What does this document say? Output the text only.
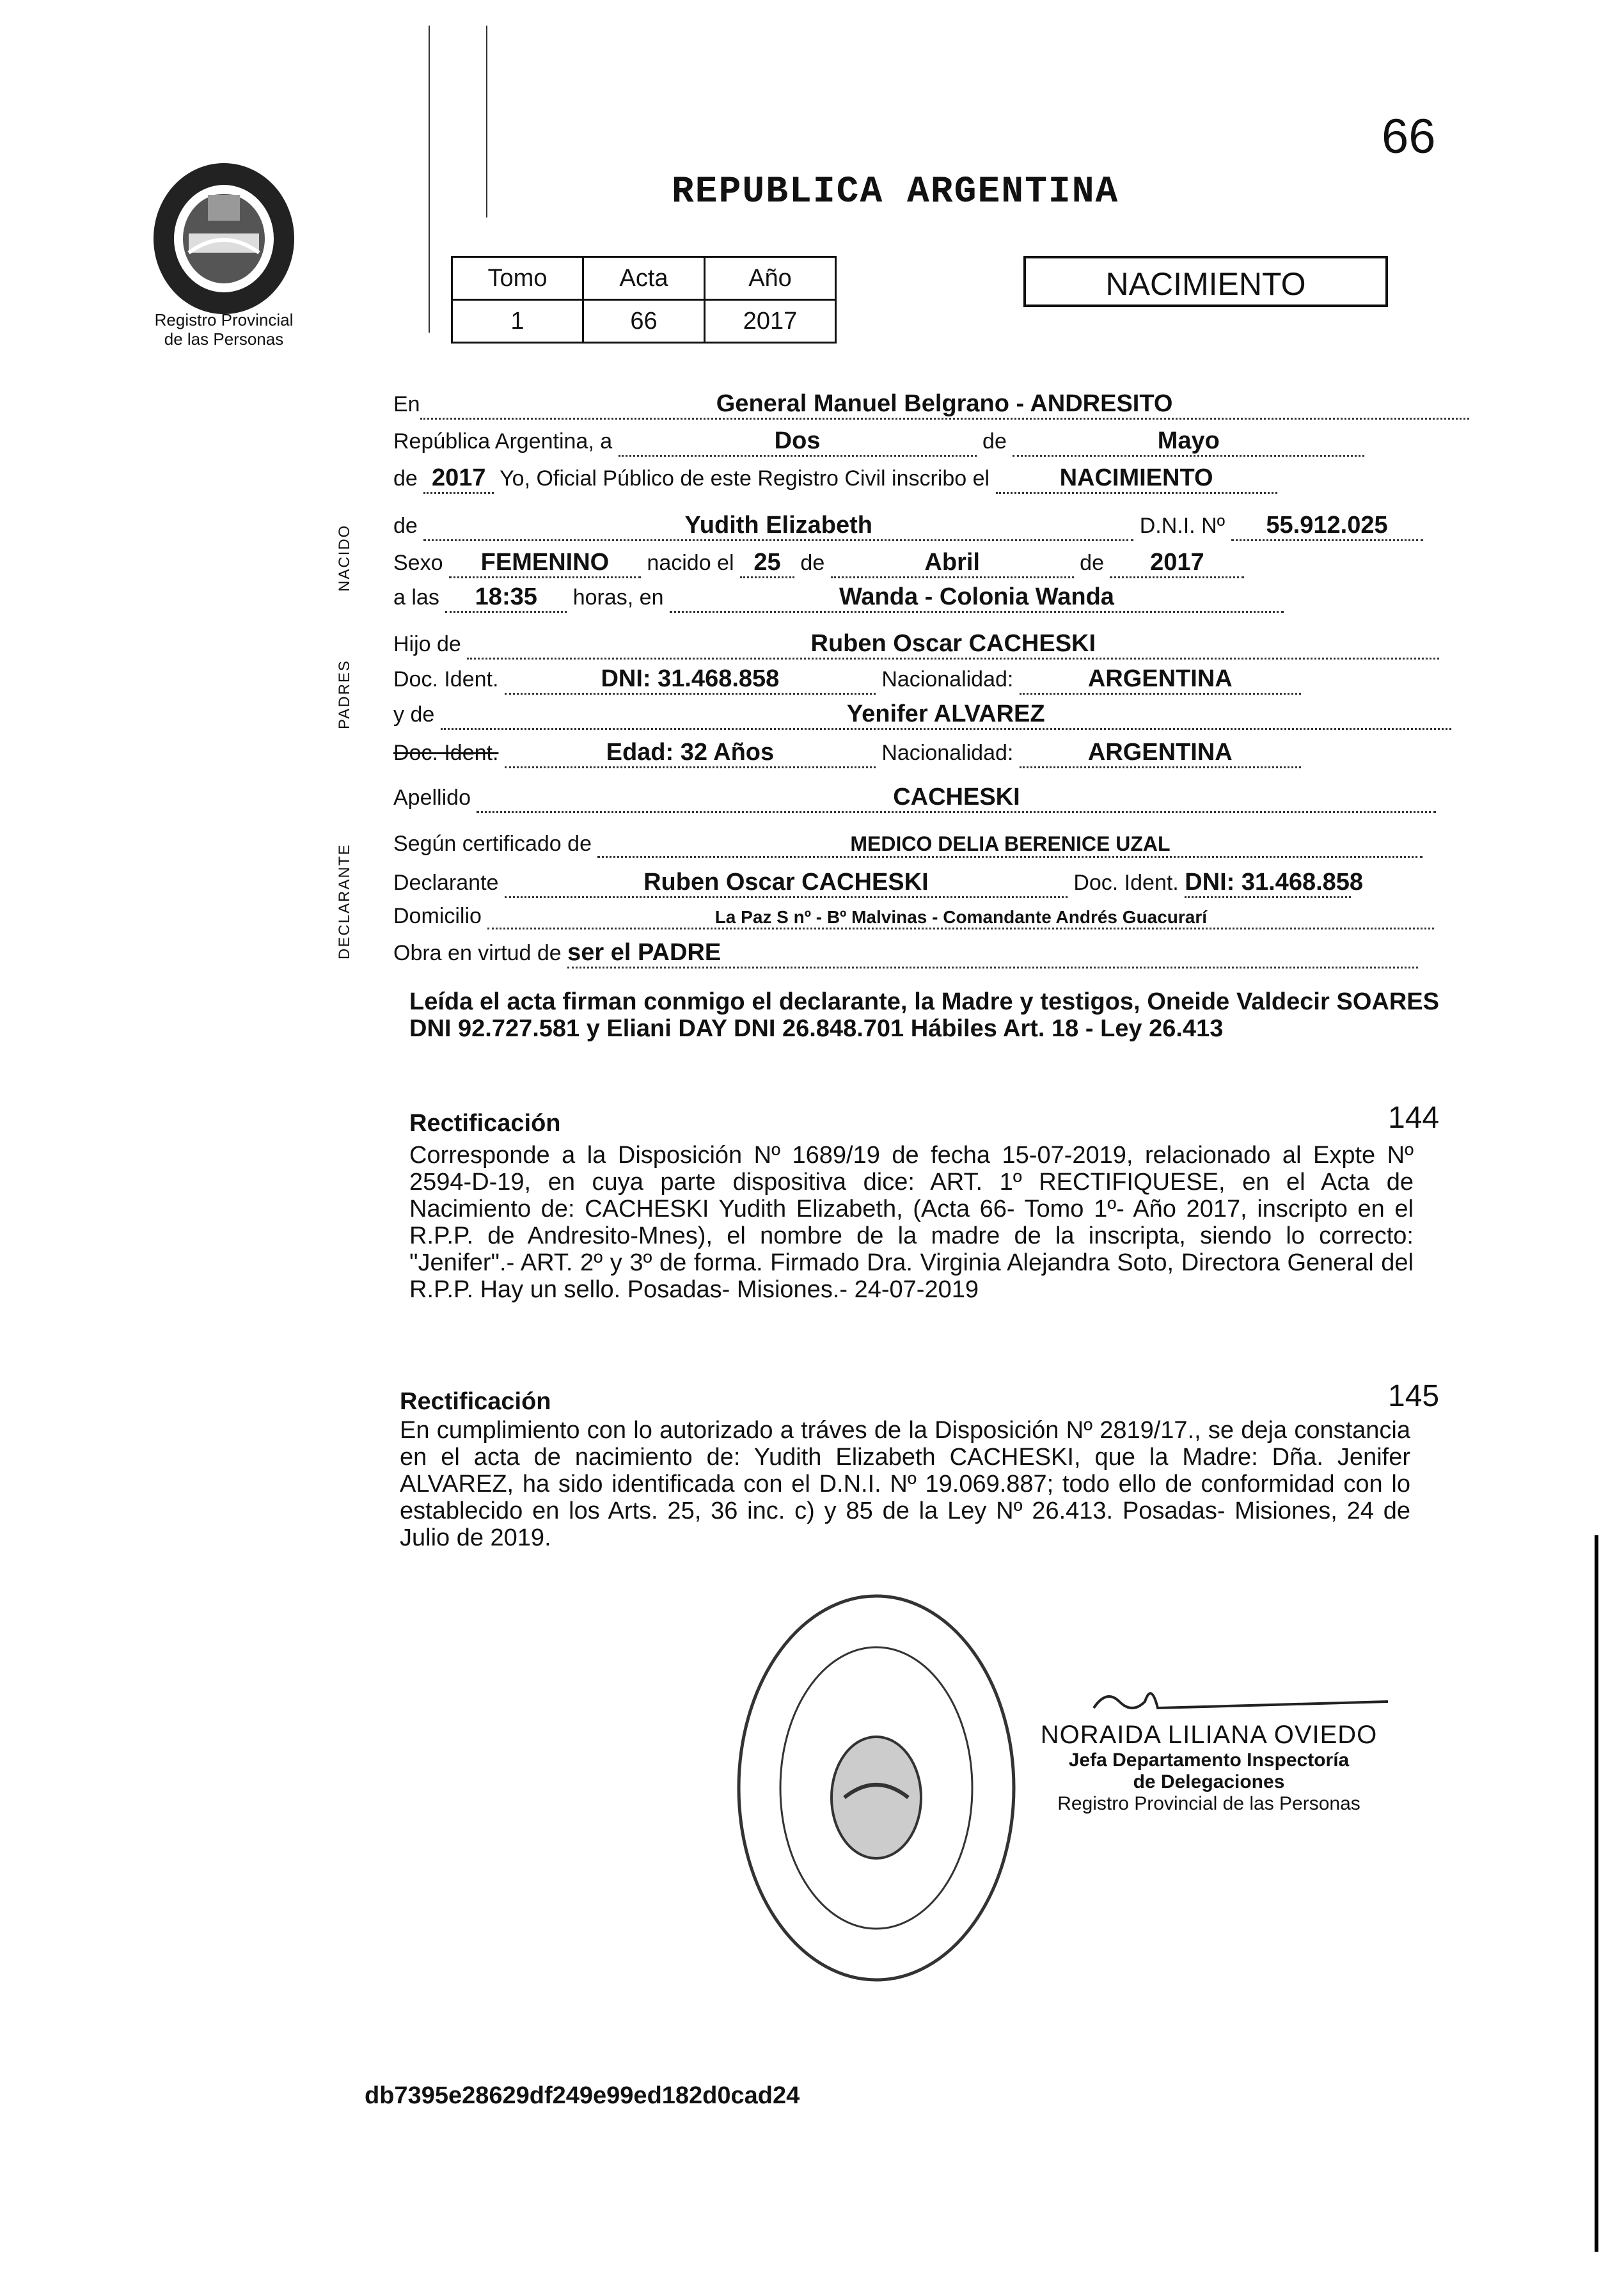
66
Registro Provincial
de las Personas
REPUBLICA ARGENTINA
Tomo	Acta	Año
1	66	2017
NACIMIENTO
NACIDO
PADRES
DECLARANTE
En	General Manuel Belgrano - ANDRESITO
República Argentina, a	Dos	de	Mayo
de 2017 Yo, Oficial Público de este Registro Civil inscribo el	NACIMIENTO
de	Yudith Elizabeth	D.N.I. Nº 55.912.025
Sexo FEMENINO nacido el 25 de	Abril	de 2017
a las 18:35 horas, en	Wanda - Colonia Wanda
Hijo de	Ruben Oscar CACHESKI
Doc. Ident.	DNI: 31.468.858	Nacionalidad:	ARGENTINA
y de	Yenifer ALVAREZ
Doc. Ident.	Edad: 32 Años	Nacionalidad:	ARGENTINA
Apellido	CACHESKI
Según certificado de	MEDICO DELIA BERENICE UZAL
Declarante	Ruben Oscar CACHESKI	Doc. Ident. DNI: 31.468.858
Domicilio	La Paz S nº - Bº Malvinas - Comandante Andrés Guacurarí
Obra en virtud de ser el PADRE
Leída el acta firman conmigo el declarante, la Madre y testigos, Oneide Valdecir SOARES DNI 92.727.581 y Eliani DAY DNI 26.848.701 Hábiles Art. 18 - Ley 26.413
Rectificación	144
Corresponde a la Disposición Nº 1689/19 de fecha 15-07-2019, relacionado al Expte Nº 2594-D-19, en cuya parte dispositiva dice: ART. 1º RECTIFIQUESE, en el Acta de Nacimiento de: CACHESKI Yudith Elizabeth, (Acta 66- Tomo 1º- Año 2017, inscripto en el R.P.P. de Andresito-Mnes), el nombre de la madre de la inscripta, siendo lo correcto: "Jenifer".- ART. 2º y 3º de forma. Firmado Dra. Virginia Alejandra Soto, Directora General del R.P.P. Hay un sello. Posadas- Misiones.- 24-07-2019
Rectificación	145
En cumplimiento con lo autorizado a tráves de la Disposición Nº 2819/17., se deja constancia en el acta de nacimiento de: Yudith Elizabeth CACHESKI, que la Madre: Dña. Jenifer ALVAREZ, ha sido identificada con el D.N.I. Nº 19.069.887; todo ello de conformidad con lo establecido en los Arts. 25, 36 inc. c) y 85 de la Ley Nº 26.413. Posadas- Misiones, 24 de Julio de 2019.
NORAIDA LILIANA OVIEDO
Jefa Departamento Inspectoría
de Delegaciones
Registro Provincial de las Personas
db7395e28629df249e99ed182d0cad24
